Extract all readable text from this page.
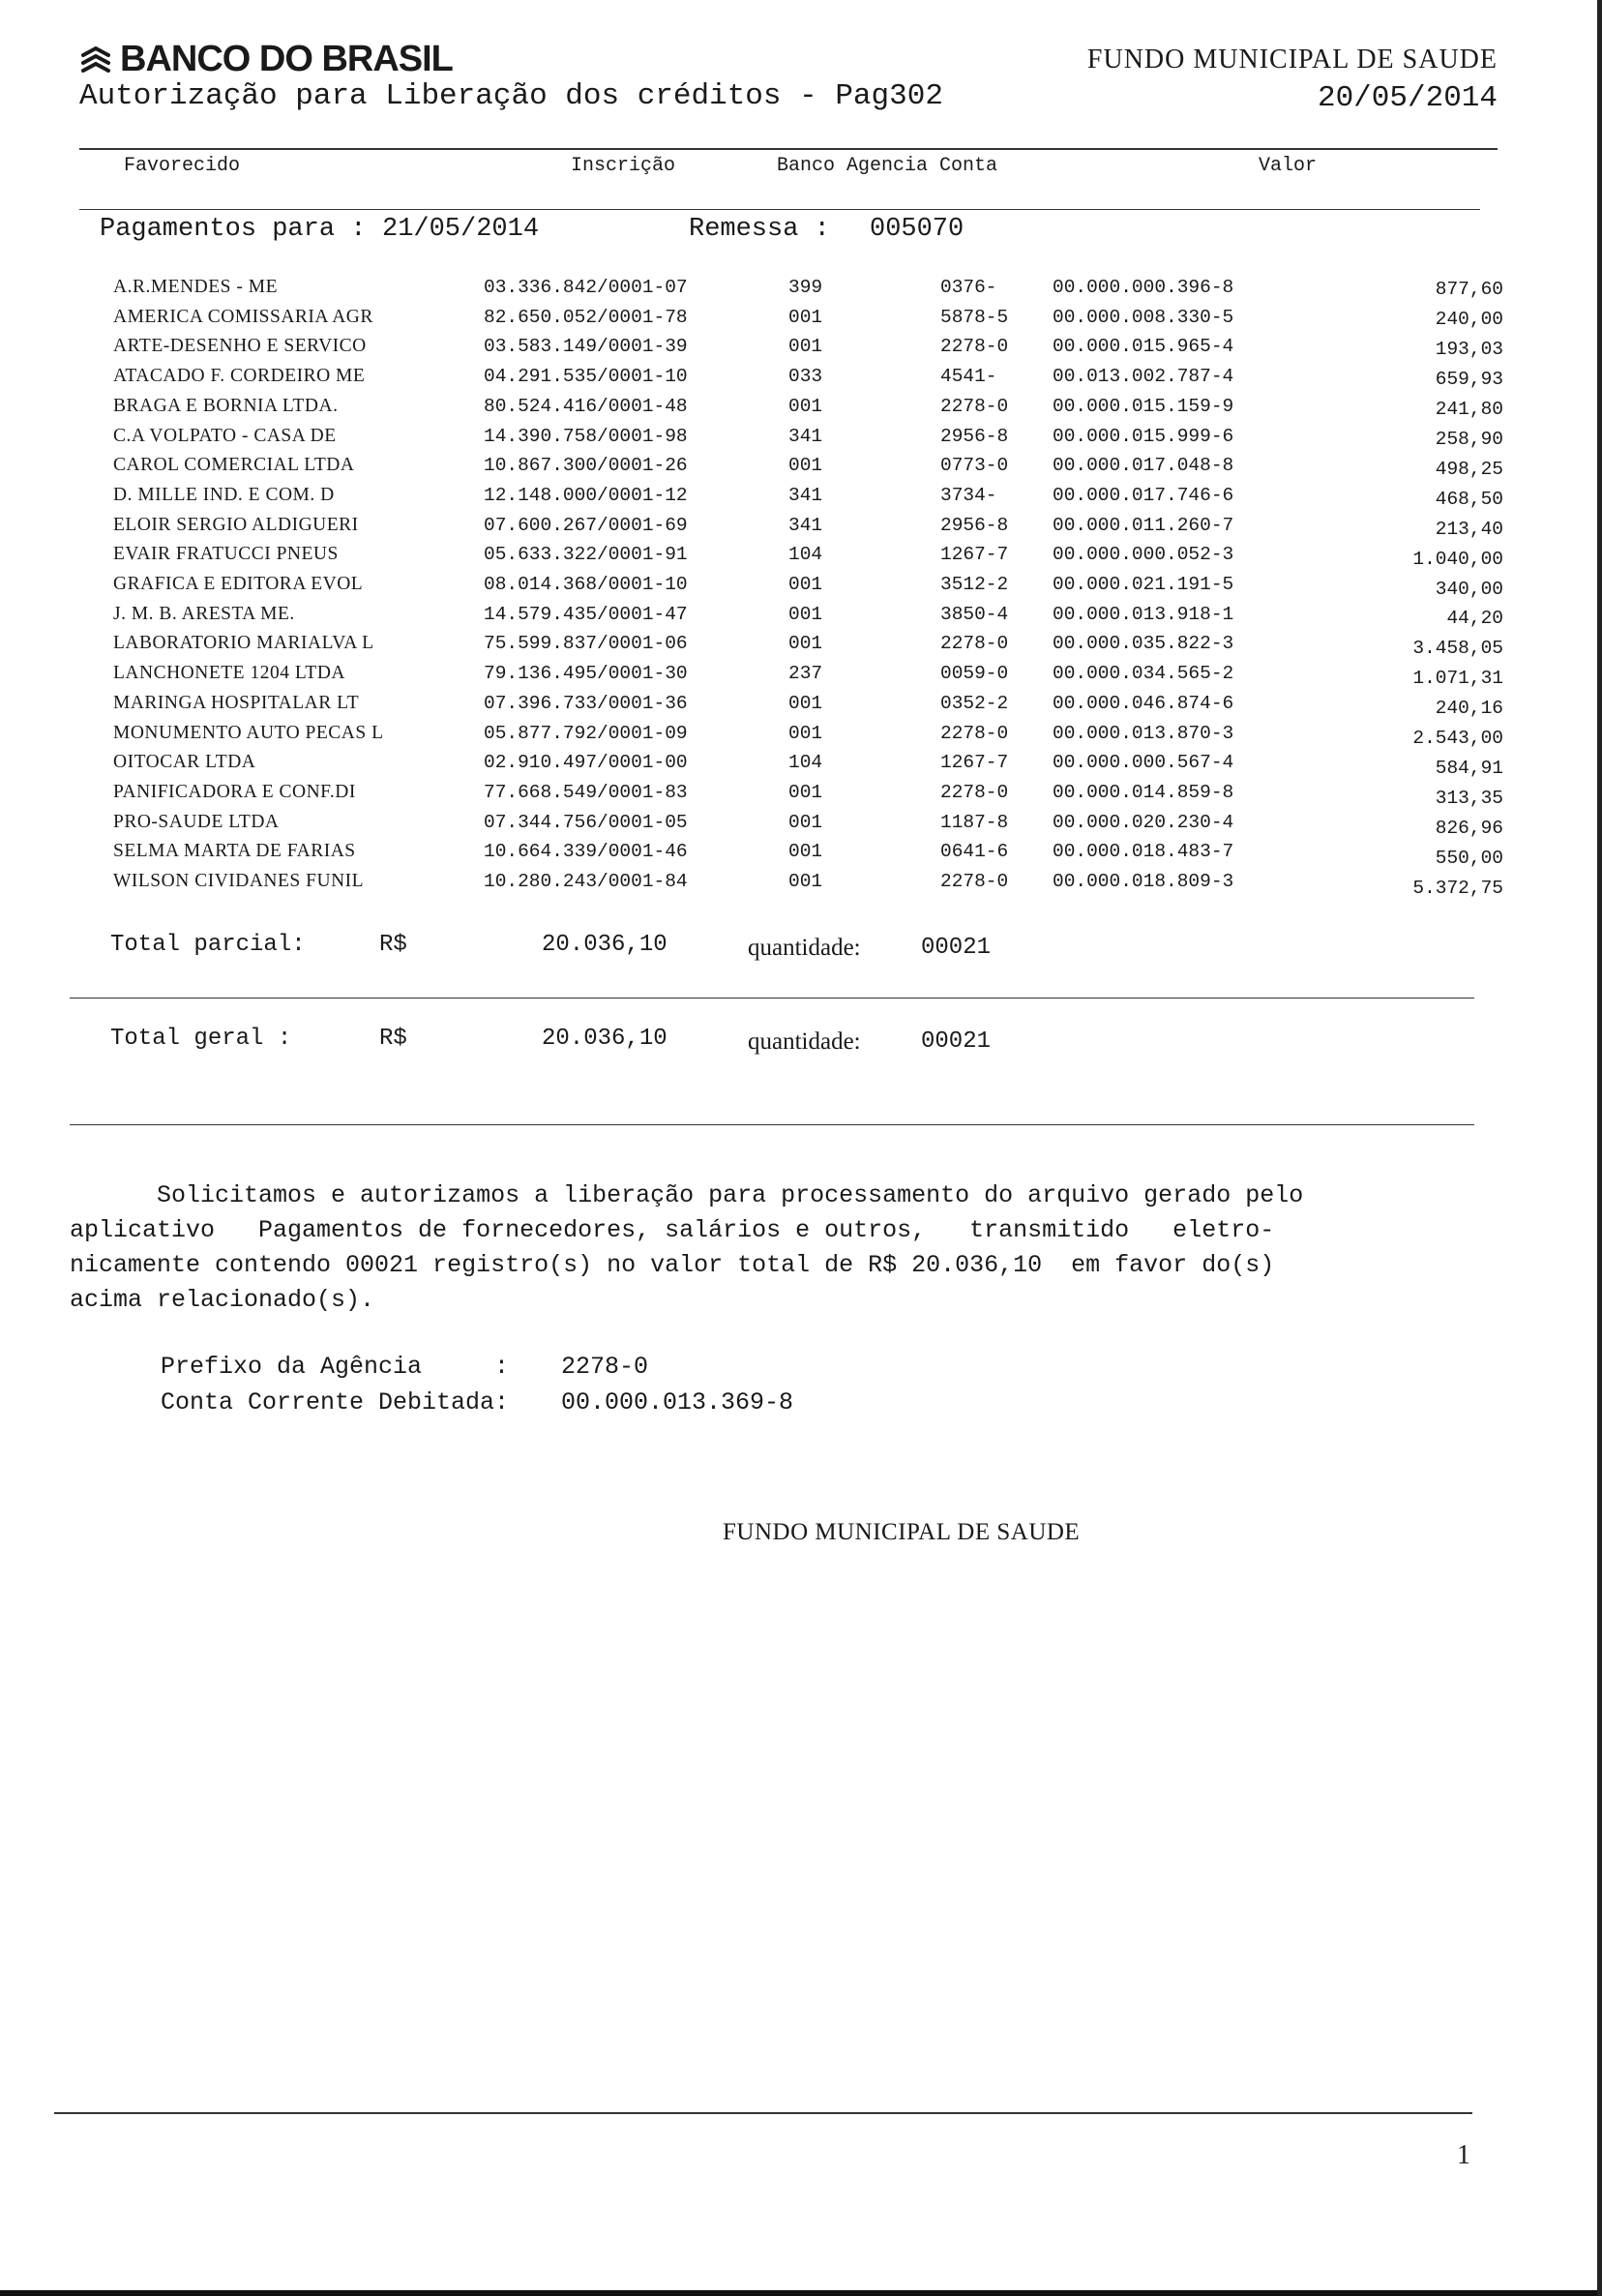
BANCO DO BRASIL
Autorização para Liberação dos créditos - Pag302
FUNDO MUNICIPAL DE SAUDE
20/05/2014
Favorecido	Inscrição	Banco Agencia Conta	Valor
Pagamentos para : 21/05/2014	Remessa : 005070
A.R.MENDES - ME	03.336.842/0001-07	399	0376-	00.000.000.396-8	877,60
AMERICA COMISSARIA AGR	82.650.052/0001-78	001	5878-5 00.000.008.330-5	240,00
ARTE-DESENHO E SERVICO	03.583.149/0001-39	001	2278-0 00.000.015.965-4	193,03
ATACADO F. CORDEIRO ME	04.291.535/0001-10	033	4541-	00.013.002.787-4	659,93
BRAGA E BORNIA LTDA.	80.524.416/0001-48	001	2278-0 00.000.015.159-9	241,80
C.A VOLPATO - CASA DE	14.390.758/0001-98	341	2956-8 00.000.015.999-6	258,90
CAROL COMERCIAL LTDA	10.867.300/0001-26	001	0773-0 00.000.017.048-8	498,25
D. MILLE IND. E COM. D	12.148.000/0001-12	341	3734-	00.000.017.746-6	468,50
ELOIR SERGIO ALDIGUERI	07.600.267/0001-69	341	2956-8 00.000.011.260-7	213,40
EVAIR FRATUCCI PNEUS	05.633.322/0001-91	104	1267-7 00.000.000.052-3	1.040,00
GRAFICA E EDITORA EVOL	08.014.368/0001-10	001	3512-2 00.000.021.191-5	340,00
J. M. B. ARESTA ME.	14.579.435/0001-47	001	3850-4 00.000.013.918-1	44,20
LABORATORIO MARIALVA L	75.599.837/0001-06	001	2278-0 00.000.035.822-3	3.458,05
LANCHONETE 1204 LTDA	79.136.495/0001-30	237	0059-0 00.000.034.565-2	1.071,31
MARINGA HOSPITALAR LT	07.396.733/0001-36	001	0352-2 00.000.046.874-6	240,16
MONUMENTO AUTO PECAS L	05.877.792/0001-09	001	2278-0 00.000.013.870-3	2.543,00
OITOCAR LTDA	02.910.497/0001-00	104	1267-7 00.000.000.567-4	584,91
PANIFICADORA E CONF.DI	77.668.549/0001-83	001	2278-0 00.000.014.859-8	313,35
PRO-SAUDE LTDA	07.344.756/0001-05	001	1187-8 00.000.020.230-4	826,96
SELMA MARTA DE FARIAS	10.664.339/0001-46	001	0641-6 00.000.018.483-7	550,00
WILSON CIVIDANES FUNIL	10.280.243/0001-84	001	2278-0 00.000.018.809-3	5.372,75
Total parcial:	R$	20.036,10	quantidade:	00021
Total geral :	R$	20.036,10	quantidade:	00021
Solicitamos e autorizamos a liberação para processamento do arquivo gerado pelo
aplicativo   Pagamentos de fornecedores, salários e outros,   transmitido   eletro-
nicamente contendo 00021 registro(s) no valor total de R$ 20.036,10  em favor do(s)
acima relacionado(s).
Prefixo da Agência     : 2278-0
Conta Corrente Debitada: 00.000.013.369-8
FUNDO MUNICIPAL DE SAUDE
1
